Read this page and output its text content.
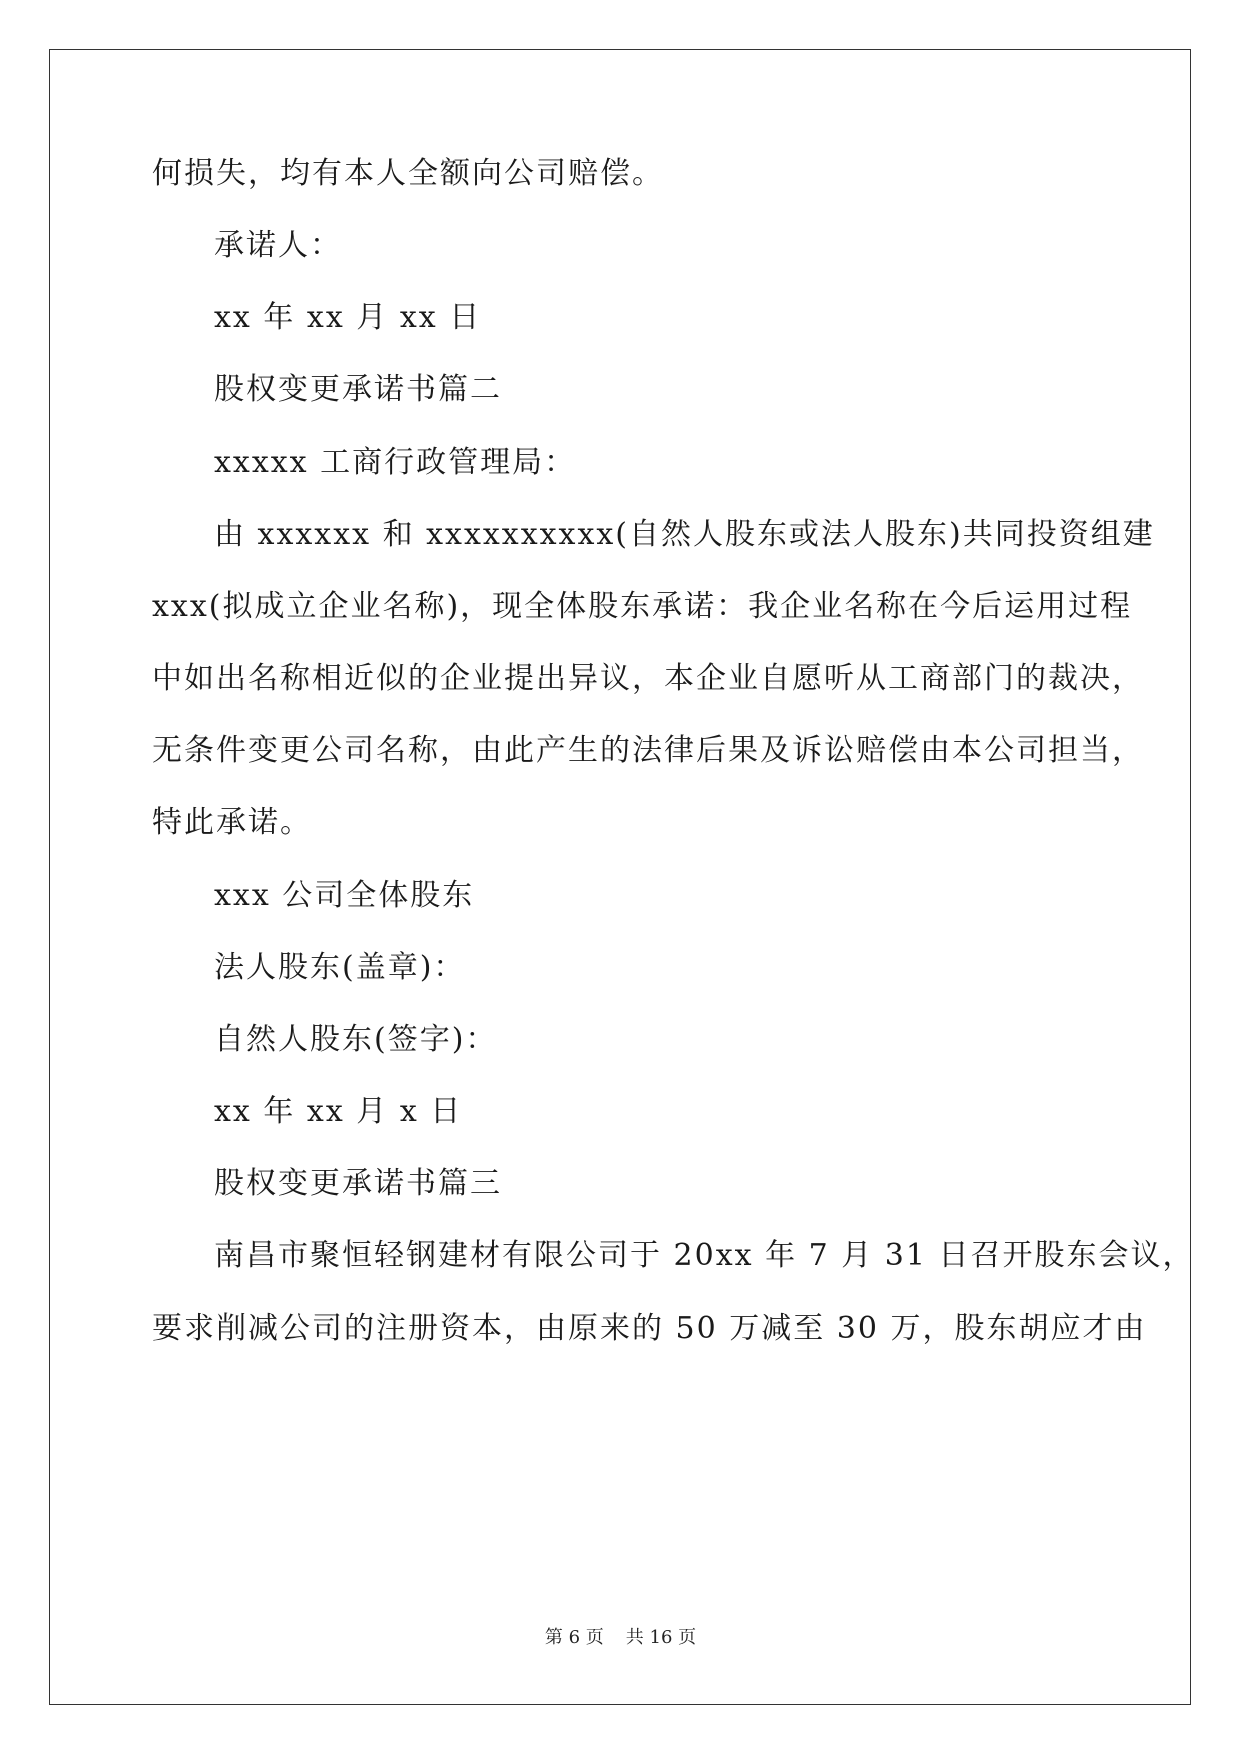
何损失，均有本人全额向公司赔偿。
承诺人：
xx 年 xx 月 xx 日
股权变更承诺书篇二
xxxxx 工商行政管理局：
由 xxxxxx 和 xxxxxxxxxx(自然人股东或法人股东)共同投资组建
xxx(拟成立企业名称)，现全体股东承诺：我企业名称在今后运用过程
中如出名称相近似的企业提出异议，本企业自愿听从工商部门的裁决，
无条件变更公司名称，由此产生的法律后果及诉讼赔偿由本公司担当，
特此承诺。
xxx 公司全体股东
法人股东(盖章)：
自然人股东(签字)：
xx 年 xx 月 x 日
股权变更承诺书篇三
南昌市聚恒轻钢建材有限公司于 20xx 年 7 月 31 日召开股东会议，
要求削减公司的注册资本，由原来的 50 万减至 30 万，股东胡应才由
第 6 页 共 16 页
